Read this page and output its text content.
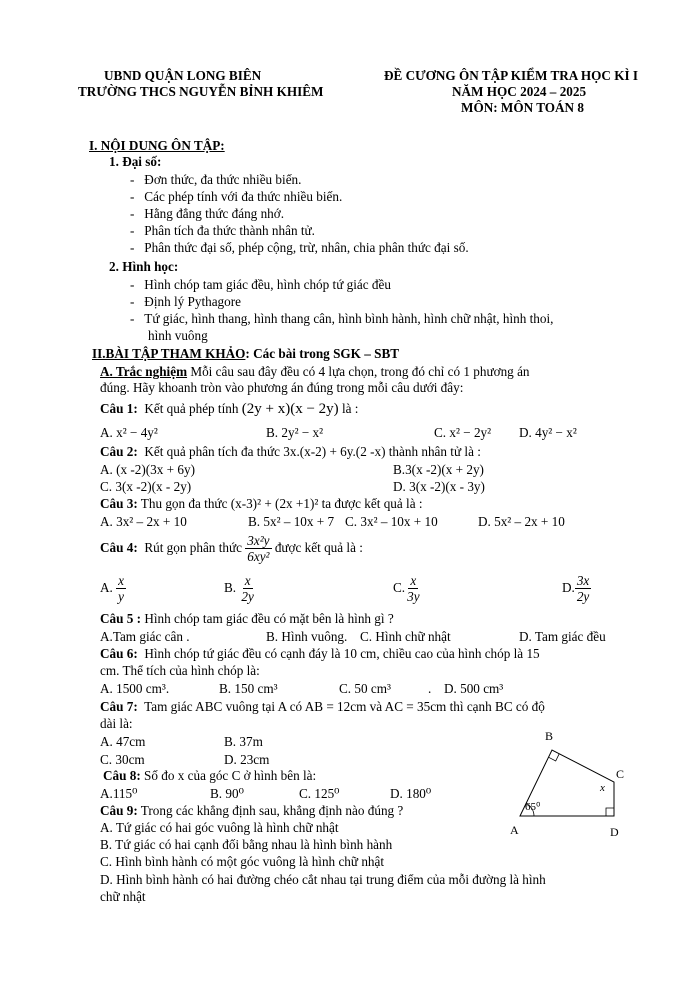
UBND QUẬN LONG BIÊN
TRƯỜNG THCS NGUYỄN BỈNH KHIÊM
ĐỀ CƯƠNG ÔN TẬP KIỂM TRA HỌC KÌ I
NĂM HỌC 2024 – 2025
MÔN: MÔN TOÁN 8
I. NỘI DUNG ÔN TẬP:
1. Đại số:
-   Đơn thức, đa thức nhiều biến.
-   Các phép tính với đa thức nhiều biến.
-   Hằng đẳng thức đáng nhớ.
-   Phân tích đa thức thành nhân tử.
-   Phân thức đại số, phép cộng, trừ, nhân, chia phân thức đại số.
2. Hình học:
-   Hình chóp tam giác đều, hình chóp tứ giác đều
-   Định lý Pythagore
-   Tứ giác, hình thang, hình thang cân, hình bình hành, hình chữ nhật, hình thoi,
hình vuông
II.BÀI TẬP THAM KHẢO: Các bài trong SGK – SBT
A. Trắc nghiệm Mỗi câu sau đây đều có 4 lựa chọn, trong đó chỉ có 1 phương án
đúng. Hãy khoanh tròn vào phương án đúng trong mỗi câu dưới đây:
Câu 1: Kết quả phép tính (2y + x)(x − 2y) là :
A. x² − 4y²	B. 2y² − x²	C. x² − 2y² D. 4y² − x²
Câu 2: Kết quả phân tích đa thức 3x.(x-2) + 6y.(2 -x) thành nhân tử là :
A. (x -2)(3x + 6y)	B.3(x -2)(x + 2y)
C. 3(x -2)(x - 2y)	D. 3(x -2)(x - 3y)
Câu 3: Thu gọn đa thức (x-3)² + (2x +1)² ta được kết quả là :
A. 3x² – 2x + 10	B. 5x² – 10x + 7 C. 3x² – 10x + 10	D. 5x² – 2x + 10
Câu 4: Rút gọn phân thức $\frac{\text{3x²y}}{\text{6xy²}}$ được kết quả là :
A. $\frac{x}{y}$	B. $\frac{x}{2y}$	C. $\frac{x}{3y}$	D. $\frac{3x}{2y}$
Câu 5 : Hình chóp tam giác đều có mặt bên là hình gì ?
A.Tam giác cân .	B. Hình vuông. C. Hình chữ nhật	D. Tam giác đều
Câu 6: Hình chóp tứ giác đều có cạnh đáy là 10 cm, chiều cao của hình chóp là 15
cm. Thể tích của hình chóp là:
A. 1500 cm³.	B. 150 cm³	C. 50 cm³	. D. 500 cm³
Câu 7: Tam giác ABC vuông tại A có AB = 12cm và AC = 35cm thì cạnh BC có độ
dài là:
A. 47cm	B. 37m
C. 30cm	D. 23cm
Câu 8: Số đo x của góc C ở hình bên là:
A.115⁰	B. 90⁰	C. 125⁰	D. 180⁰
Câu 9: Trong các khẳng định sau, khẳng định nào đúng ?
A. Tứ giác có hai góc vuông là hình chữ nhật
B. Tứ giác có hai cạnh đối bằng nhau là hình bình hành
C. Hình bình hành có một góc vuông là hình chữ nhật
D. Hình bình hành có hai đường chéo cắt nhau tại trung điểm của mỗi đường là hình
chữ nhật
B
C
A	D
x
65⁰
